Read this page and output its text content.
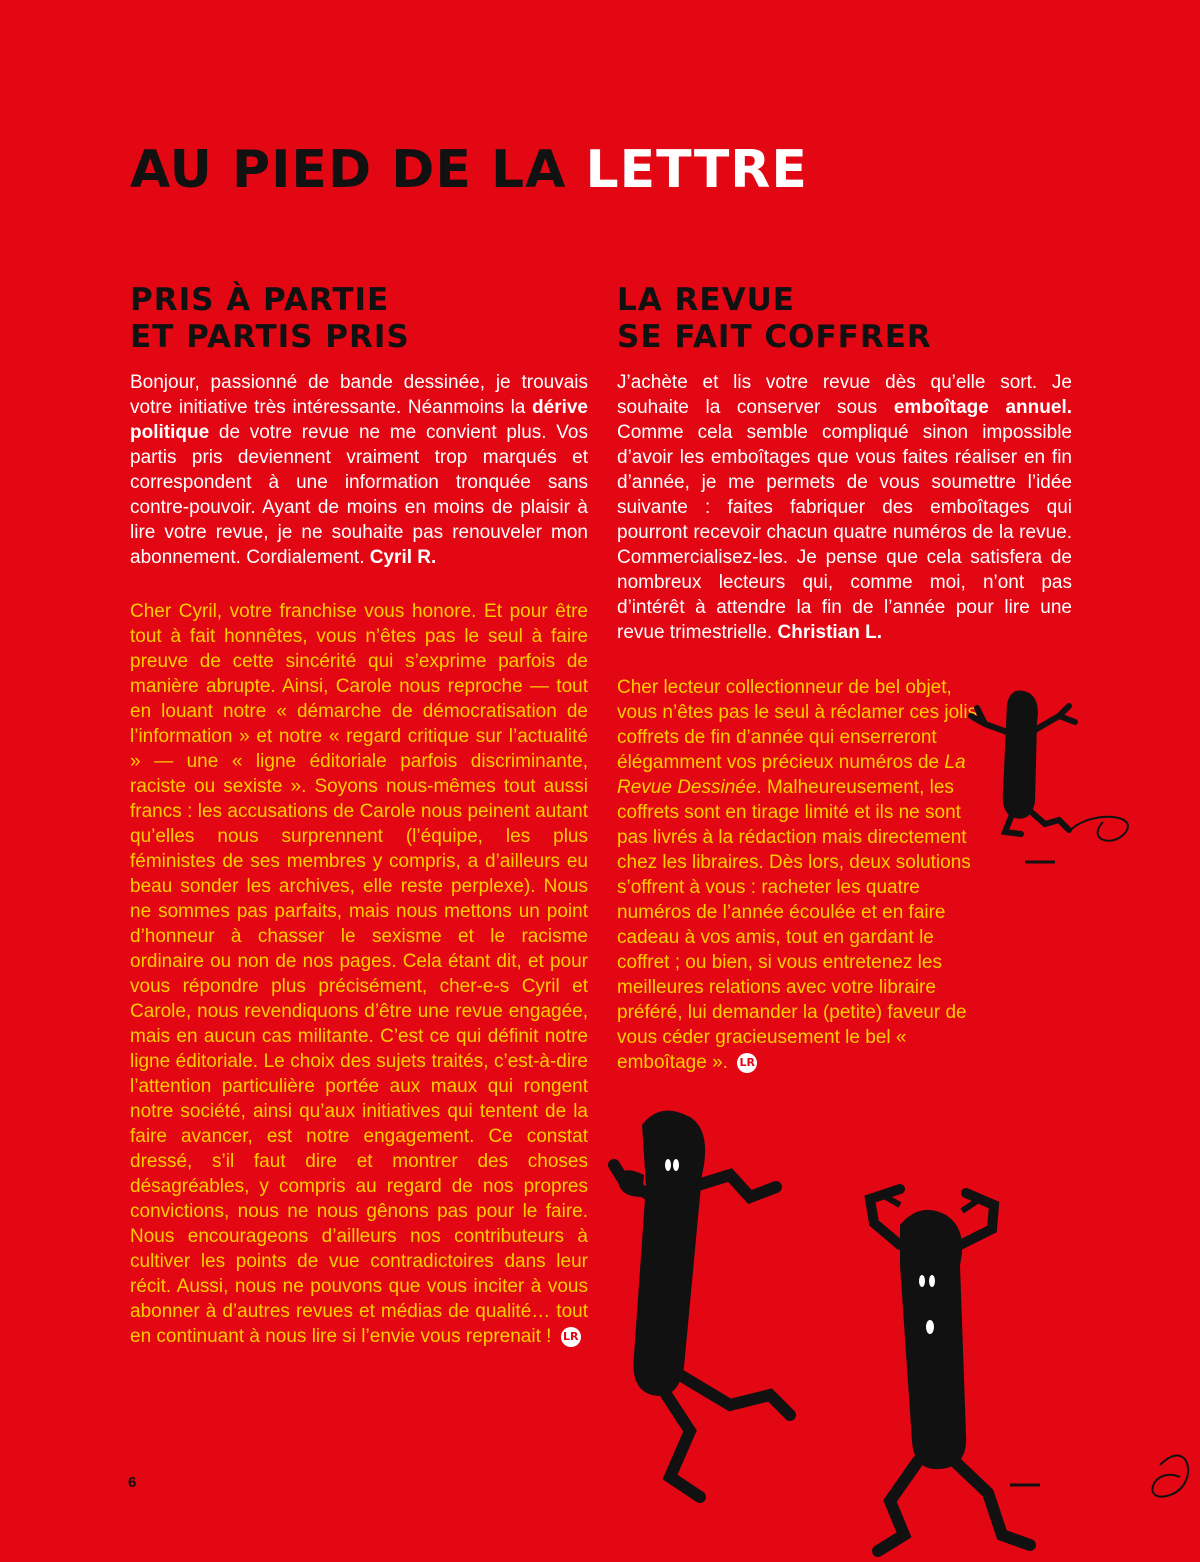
AU PIED DE LA LETTRE
PRIS À PARTIE
ET PARTIS PRIS

Bonjour, passionné de bande dessinée, je trouvais votre initiative très intéressante. Néanmoins la dérive politique de votre revue ne me convient plus. Vos partis pris deviennent vraiment trop marqués et correspondent à une information tronquée sans contre-pouvoir. Ayant de moins en moins de plaisir à lire votre revue, je ne souhaite pas renouveler mon abonnement. Cordialement. Cyril R.

Cher Cyril, votre franchise vous honore. Et pour être tout à fait honnêtes, vous n’êtes pas le seul à faire preuve de cette sincérité qui s’exprime parfois de manière abrupte. Ainsi, Carole nous reproche — tout en louant notre « démarche de démocratisation de l’information » et notre « regard critique sur l’actualité » — une « ligne éditoriale parfois discriminante, raciste ou sexiste ». Soyons nous-mêmes tout aussi francs : les accusations de Carole nous peinent autant qu’elles nous surprennent (l’équipe, les plus féministes de ses membres y compris, a d’ailleurs eu beau sonder les archives, elle reste perplexe). Nous ne sommes pas parfaits, mais nous mettons un point d’honneur à chasser le sexisme et le racisme ordinaire ou non de nos pages. Cela étant dit, et pour vous répondre plus précisément, cher-e-s Cyril et Carole, nous revendiquons d’être une revue engagée, mais en aucun cas militante. C’est ce qui définit notre ligne éditoriale. Le choix des sujets traités, c’est-à-dire l’attention particulière portée aux maux qui rongent notre société, ainsi qu’aux initiatives qui tentent de la faire avancer, est notre engagement. Ce constat dressé, s’il faut dire et montrer des choses désagréables, y compris au regard de nos propres convictions, nous ne nous gênons pas pour le faire. Nous encourageons d’ailleurs nos contributeurs à cultiver les points de vue contradictoires dans leur récit. Aussi, nous ne pouvons que vous inciter à vous abonner à d’autres revues et médias de qualité… tout en continuant à nous lire si l’envie vous reprenait ! LR

LA REVUE
SE FAIT COFFRER

J’achète et lis votre revue dès qu’elle sort. Je souhaite la conserver sous emboîtage annuel. Comme cela semble compliqué sinon impossible d’avoir les emboîtages que vous faites réaliser en fin d’année, je me permets de vous soumettre l’idée suivante : faites fabriquer des emboîtages qui pourront recevoir chacun quatre numéros de la revue. Commercialisez-les. Je pense que cela satisfera de nombreux lecteurs qui, comme moi, n’ont pas d’intérêt à attendre la fin de l’année pour lire une revue trimestrielle. Christian L.

Cher lecteur collectionneur de bel objet, vous n’êtes pas le seul à réclamer ces jolis coffrets de fin d’année qui enserreront élégamment vos précieux numéros de La Revue Dessinée. Malheureusement, les coffrets sont en tirage limité et ils ne sont pas livrés à la rédaction mais directement chez les libraires. Dès lors, deux solutions s’offrent à vous : racheter les quatre numéros de l’année écoulée et en faire cadeau à vos amis, tout en gardant le coffret ; ou bien, si vous entretenez les meilleures relations avec votre libraire préféré, lui demander la (petite) faveur de vous céder gracieusement le bel « emboîtage ». LR

6
